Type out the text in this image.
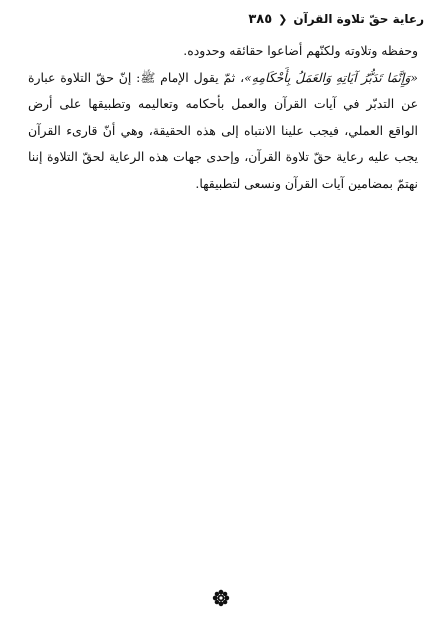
رعاية حقّ تلاوة القرآن
❮
٣٨٥

وحفظه وتلاوته ولكنّهم أضاعوا حقائقه وحدوده.

«وَإِنَّمَا تَدَبُّرُ آيَاتِهِ وَالعَمَلُ بِأَحْكَامِهِ»، ثمّ يقول الإمام ﷺ: إنّ حقّ التلاوة عبارة عن التدبّر في آيات القرآن والعمل بأحكامه وتعاليمه وتطبيقها على أرض الواقع العملي، فيجب علينا الانتباه إلى هذه الحقيقة، وهي أنّ قارىء القرآن يجب عليه رعاية حقّ تلاوة القرآن، وإحدى جهات هذه الرعاية لحقّ التلاوة إننا نهتمّ بمضامين آيات القرآن ونسعى لتطبيقها.
